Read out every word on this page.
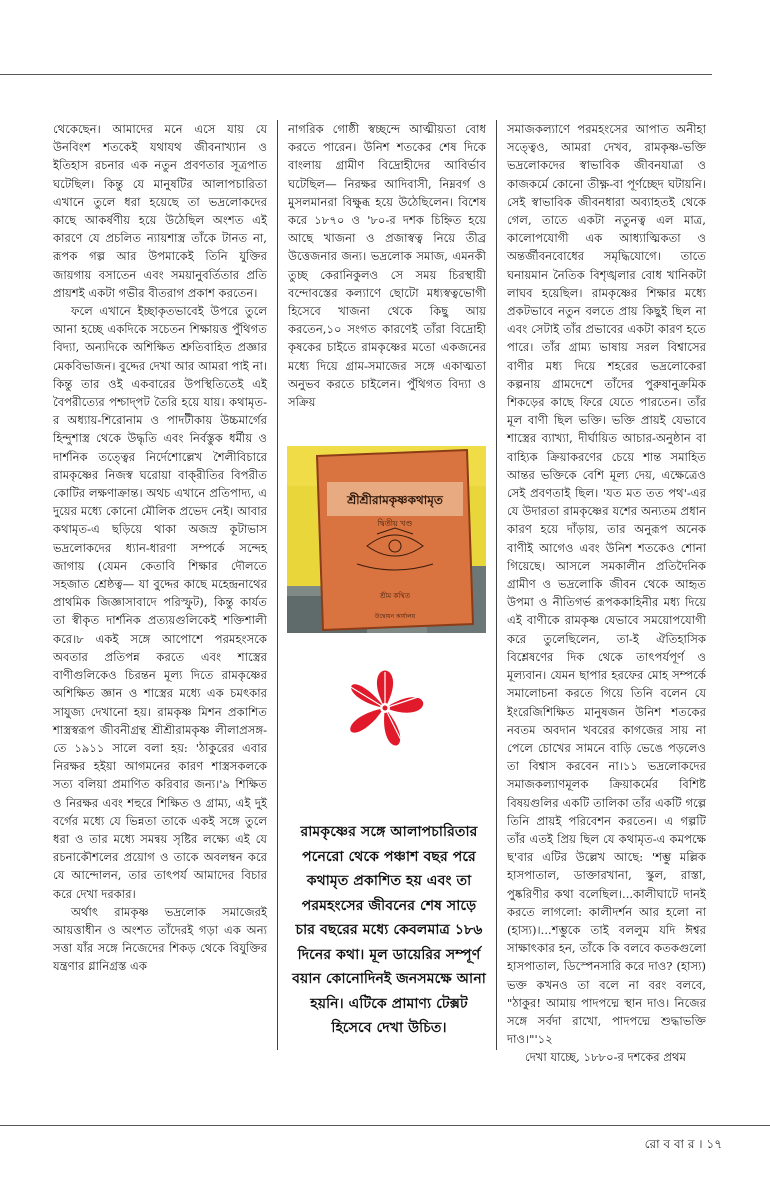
থেকেছেন। আমাদের মনে এসে যায় যে উনবিংশ শতকেই যথাযথ জীবনাখ্যান ও ইতিহাস রচনার এক নতুন প্রবণতার সূত্রপাত ঘটেছিল। কিন্তু যে মানুষটির আলাপচারিতা এখানে তুলে ধরা হয়েছে তা ভদ্রলোকদের কাছে আকর্ষণীয় হয়ে উঠেছিল অংশত এই কারণে যে প্রচলিত ন্যায়শাস্ত্র তাঁকে টানত না, রূপক গল্প আর উপমাকেই তিনি যুক্তির জায়গায় বসাতেন এবং সময়ানুবর্তিতার প্রতি প্রায়শই একটা গভীর বীতরাগ প্রকাশ করতেন।

ফলে এখানে ইচ্ছাকৃতভাবেই উপরে তুলে আনা হচ্ছে একদিকে সচেতন শিক্ষায়ত্ত পুঁথিগত বিদ্যা, অন্যদিকে অশিক্ষিত শ্রুতিবাহিত প্রজ্ঞার মেকবিভাজন। বুদ্দের দেখা আর আমরা পাই না। কিন্তু তার ওই একবারের উপস্থিতিতেই এই বৈপরীত্যের পশ্চাদ্‌পট তৈরি হয়ে যায়। কথামৃত-র অধ্যায়-শিরোনাম ও পাদটীকায় উচ্চমার্গের হিন্দুশাস্ত্র থেকে উদ্ধৃতি এবং নির্বস্তুক ধর্মীয় ও দার্শনিক তত্ত্বের নির্দেশোল্লেখ শৈলীবিচারে রামকৃষ্ণের নিজস্ব ঘরোয়া বাক্‌রীতির বিপরীত কোটির লক্ষণাক্রান্ত। অথচ এখানে প্রতিপাদ্য, এ দুয়ের মধ্যে কোনো মৌলিক প্রভেদ নেই। আবার কথামৃত-এ ছড়িয়ে থাকা অজস্র কূটাভাস ভদ্রলোকদের ধ্যান-ধারণা সম্পর্কে সন্দেহ জাগায় (যেমন কেতাবি শিক্ষার দৌলতে সহজাত শ্রেষ্ঠত্ব— যা বুদ্দের কাছে মহেন্দ্রনাথের প্রাথমিক জিজ্ঞাসাবাদে পরিস্ফুট), কিন্তু কার্যত তা স্বীকৃত দার্শনিক প্রত্যয়গুলিকেই শক্তিশালী করে।৮ একই সঙ্গে আপোশে পরমহংসকে অবতার প্রতিপন্ন করতে এবং শাস্ত্রের বাণীগুলিকেও চিরন্তন মূল্য দিতে রামকৃষ্ণের অশিক্ষিত জ্ঞান ও শাস্ত্রের মধ্যে এক চমৎকার সাযুজ্য দেখানো হয়। রামকৃষ্ণ মিশন প্রকাশিত শাস্ত্রস্বরূপ জীবনীগ্রন্থ শ্রীশ্রীরামকৃষ্ণ লীলাপ্রসঙ্গ-তে ১৯১১ সালে বলা হয়: 'ঠাকুরের এবার নিরক্ষর হইয়া আগমনের কারণ শাস্ত্রসকলকে সত্য বলিয়া প্রমাণিত করিবার জন্য।'৯ শিক্ষিত ও নিরক্ষর এবং শহুরে শিক্ষিত ও গ্রাম্য, এই দুই বর্গের মধ্যে যে ভিন্নতা তাকে একই সঙ্গে তুলে ধরা ও তার মধ্যে সমন্বয় সৃষ্টির লক্ষ্যে এই যে রচনাকৌশলের প্রয়োগ ও তাকে অবলম্বন করে যে আন্দোলন, তার তাৎপর্য আমাদের বিচার করে দেখা দরকার।

অর্থাৎ রামকৃষ্ণ ভদ্রলোক সমাজেরই আয়ত্তাধীন ও অংশত তাঁদেরই গড়া এক অন্য সত্তা যাঁর সঙ্গে নিজেদের শিকড় থেকে বিযুক্তির যন্ত্রণার গ্লানিগ্রস্ত এক

নাগরিক গোষ্ঠী স্বচ্ছন্দে আত্মীয়তা বোধ করতে পারেন। উনিশ শতকের শেষ দিকে বাংলায় গ্রামীণ বিদ্রোহীদের আবির্ভাব ঘটেছিল— নিরক্ষর আদিবাসী, নিম্নবর্গ ও মুসলমানরা বিক্ষুব্ধ হয়ে উঠেছিলেন। বিশেষ করে ১৮৭০ ও '৮০-র দশক চিহ্নিত হয়ে আছে খাজনা ও প্রজাস্বত্ব নিয়ে তীব্র উত্তেজনার জন্য। ভদ্রলোক সমাজ, এমনকী তুচ্ছ কেরানিকুলও সে সময় চিরস্থায়ী বন্দোবস্তের কল্যাণে ছোটো মধ্যস্বত্বভোগী হিসেবে খাজনা থেকে কিছু আয় করতেন,১০ সংগত কারণেই তাঁরা বিদ্রোহী কৃষকের চাইতে রামকৃষ্ণের মতো একজনের মধ্যে দিয়ে গ্রাম-সমাজের সঙ্গে একাত্মতা অনুভব করতে চাইলেন। পুঁথিগত বিদ্যা ও সক্রিয়

শ্রীশ্রীরামকৃষ্ণকথামৃত
দ্বিতীয় খণ্ড
শ্রীম কথিত
উদ্বোধন কার্যালয়
রামকৃষ্ণের সঙ্গে আলাপচারিতার পনেরো থেকে পঞ্চাশ বছর পরে কথামৃত প্রকাশিত হয় এবং তা পরমহংসের জীবনের শেষ সাড়ে চার বছরের মধ্যে কেবলমাত্র ১৮৬ দিনের কথা। মূল ডায়েরির সম্পূর্ণ বয়ান কোনোদিনই জনসমক্ষে আনা হয়নি। এটিকে প্রামাণ্য টেক্সট হিসেবে দেখা উচিত।

সমাজকল্যাণে পরমহংসের আপাত অনীহা সত্ত্বেও, আমরা দেখব, রামকৃষ্ণ-ভক্তি ভদ্রলোকদের স্বাভাবিক জীবনযাত্রা ও কাজকর্মে কোনো তীক্ষ্ণ-বা পূর্ণচ্ছেদ ঘটায়নি। সেই স্বাভাবিক জীবনধারা অব্যাহতই থেকে গেল, তাতে একটা নতুনত্ব এল মাত্র, কালোপযোগী এক আধ্যাত্মিকতা ও অন্তর্জীবনবোধের সমৃদ্ধিযোগে। তাতে ঘনায়মান নৈতিক বিশৃঙ্খলার বোধ খানিকটা লাঘব হয়েছিল। রামকৃষ্ণের শিক্ষার মধ্যে প্রকটভাবে নতুন বলতে প্রায় কিছুই ছিল না এবং সেটাই তাঁর প্রভাবের একটা কারণ হতে পারে। তাঁর গ্রাম্য ভাষায় সরল বিশ্বাসের বাণীর মধ্য দিয়ে শহরের ভদ্রলোকেরা কল্পনায় গ্রামদেশে তাঁদের পুরুষানুক্রমিক শিকড়ের কাছে ফিরে যেতে পারতেন। তাঁর মূল বাণী ছিল ভক্তি। ভক্তি প্রায়ই যেভাবে শাস্ত্রের ব্যাখ্যা, দীর্ঘায়িত আচার-অনুষ্ঠান বা বাহ্যিক ক্রিয়াকরণের চেয়ে শান্ত সমাহিত আন্তর ভক্তিকে বেশি মূল্য দেয়, এক্ষেত্রেও সেই প্রবণতাই ছিল। 'যত মত তত পথ'-এর যে উদারতা রামকৃষ্ণের যশের অন্যতম প্রধান কারণ হয়ে দাঁড়ায়, তার অনুরূপ অনেক বাণীই আগেও এবং উনিশ শতকেও শোনা গিয়েছে। আসলে সমকালীন প্রতিদৈনিক গ্রামীণ ও ভদ্রলোকি জীবন থেকে আহৃত উপমা ও নীতিগর্ভ রূপককাহিনীর মধ্য দিয়ে এই বাণীকে রামকৃষ্ণ যেভাবে সময়োপযোগী করে তুলেছিলেন, তা-ই ঐতিহাসিক বিশ্লেষণের দিক থেকে তাৎপর্যপূর্ণ ও মূল্যবান। যেমন ছাপার হরফের মোহ সম্পর্কে সমালোচনা করতে গিয়ে তিনি বলেন যে ইংরেজিশিক্ষিত মানুষজন উনিশ শতকের নবতম অবদান খবরের কাগজের সায় না পেলে চোখের সামনে বাড়ি ভেঙে পড়লেও তা বিশ্বাস করবেন না।১১ ভদ্রলোকদের সমাজকল্যাণমূলক ক্রিয়াকর্মের বিশিষ্ট বিষয়গুলির একটি তালিকা তাঁর একটি গল্পে তিনি প্রায়ই পরিবেশন করতেন। এ গল্পটি তাঁর এতই প্রিয় ছিল যে কথামৃত-এ কমপক্ষে ছ'বার এটির উল্লেখ আছে: 'শম্ভু মল্লিক হাসপাতাল, ডাক্তারখানা, স্কুল, রাস্তা, পুষ্করিণীর কথা বলেছিল।...কালীঘাটে দানই করতে লাগলো: কালীদর্শন আর হলো না (হাস্য)।...শম্ভুকে তাই বললুম যদি ঈশ্বর সাক্ষাৎকার হন, তাঁকে কি বলবে কতকগুলো হাসপাতাল, ডিস্পেনসারি করে দাও? (হাস্য) ভক্ত কখনও তা বলে না বরং বলবে, "ঠাকুর! আমায় পাদপদ্মে স্থান দাও। নিজের সঙ্গে সর্বদা রাখো, পাদপদ্মে শুদ্ধাভক্তি দাও।"'১২

দেখা যাচ্ছে, ১৮৮০-র দশকের প্রথম

রো ব বা র । ১৭
